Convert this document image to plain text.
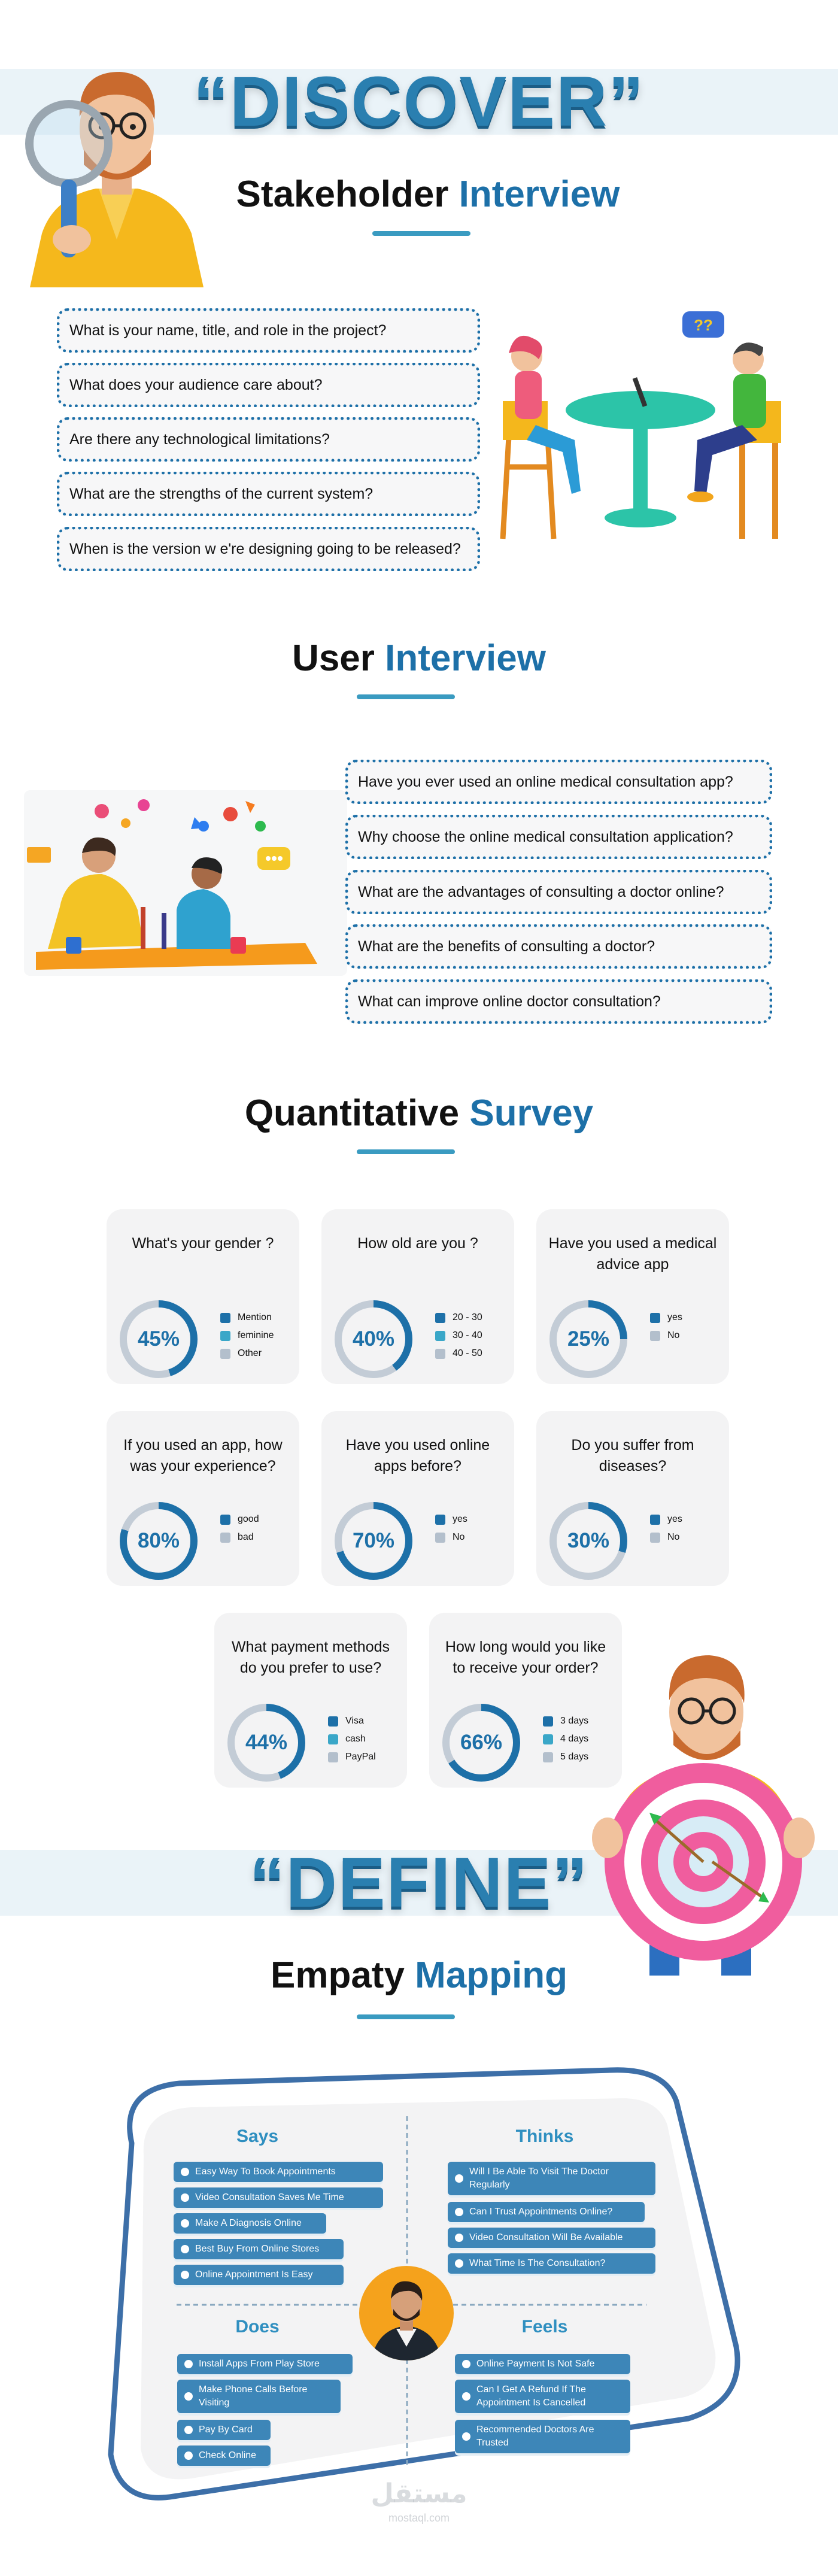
“DISCOVER”
Stakeholder Interview
What is your name, title, and role in the project?
What does your audience care about?
Are there any technological limitations?
What are the strengths of the current system?
When is the version w e're designing going to be released?
??
User Interview
Have you ever used an online medical consultation app?
Why choose the online medical consultation application?
What are the advantages of consulting a doctor online?
What are the benefits of consulting a doctor?
What can improve online doctor consultation?
Quantitative Survey
What's your gender ?
45%
Mention
feminine
Other
How old are you ?
40%
20 - 30
30 - 40
40 - 50
Have you used a medical advice app
25%
yes
No
If you used an app, how was your experience?
80%
good
bad
Have you used online apps before?
70%
yes
No
Do you suffer from diseases?
30%
yes
No
What payment methods do you prefer to use?
44%
Visa
cash
PayPal
How long would you like to receive your order?
66%
3 days
4 days
5 days
“DEFINE”
Empaty Mapping
Says	Thinks
Does	Feels
Easy Way To Book Appointments
Video Consultation Saves Me Time
Make A Diagnosis Online
Best Buy From Online Stores
Online Appointment Is Easy
Will I Be Able To Visit The Doctor Regularly
Can I Trust Appointments Online?
Video Consultation Will Be Available
What Time Is The Consultation?
Install Apps From Play Store
Make Phone Calls Before Visiting
Pay By Card
Check Online
Online Payment Is Not Safe
Can I Get A Refund If The Appointment Is Cancelled
Recommended Doctors Are Trusted
مستقل
mostaql.com
